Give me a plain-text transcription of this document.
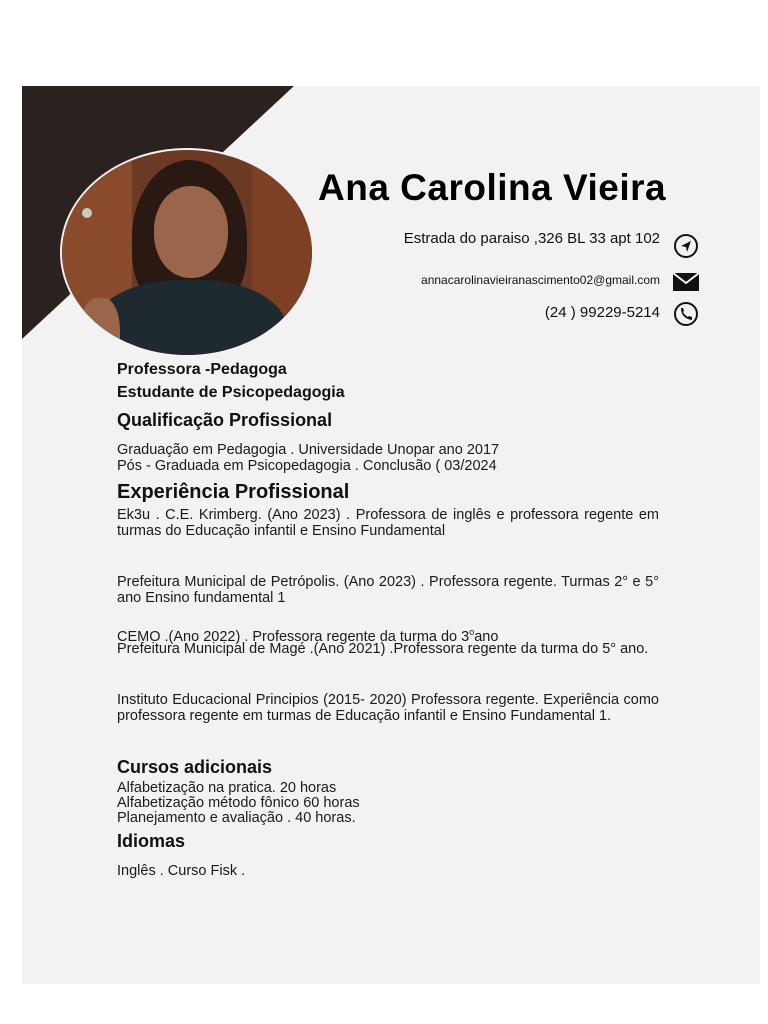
Ana Carolina Vieira
Estrada do paraiso ,326 BL 33 apt 102
annacarolinavieiranascimento02@gmail.com
(24 ) 99229-5214
Professora -Pedagoga
Estudante de Psicopedagogia
Qualificação Profissional
Graduação em Pedagogia . Universidade Unopar ano 2017
Pós - Graduada em Psicopedagogia . Conclusão ( 03/2024
Experiência Profissional
Ek3u . C.E. Krimberg. (Ano 2023) . Professora de inglês e professora regente em turmas do Educação infantil e Ensino Fundamental
Prefeitura Municipal de Petrópolis. (Ano 2023) . Professora regente. Turmas 2° e 5° ano Ensino fundamental 1
CEMO .(Ano 2022) . Professora regente da turma do 3$^o$ano
Prefeitura Municipal de Magé .(Ano 2021) .Professora regente da turma do 5° ano.
Instituto Educacional Principios (2015- 2020) Professora regente. Experiência como professora regente em turmas de Educação infantil e Ensino Fundamental 1.
Cursos adicionais
Alfabetização na pratica. 20 horas
Alfabetização método fônico 60 horas
Planejamento e avaliação . 40 horas.
Idiomas
Inglês . Curso Fisk .
